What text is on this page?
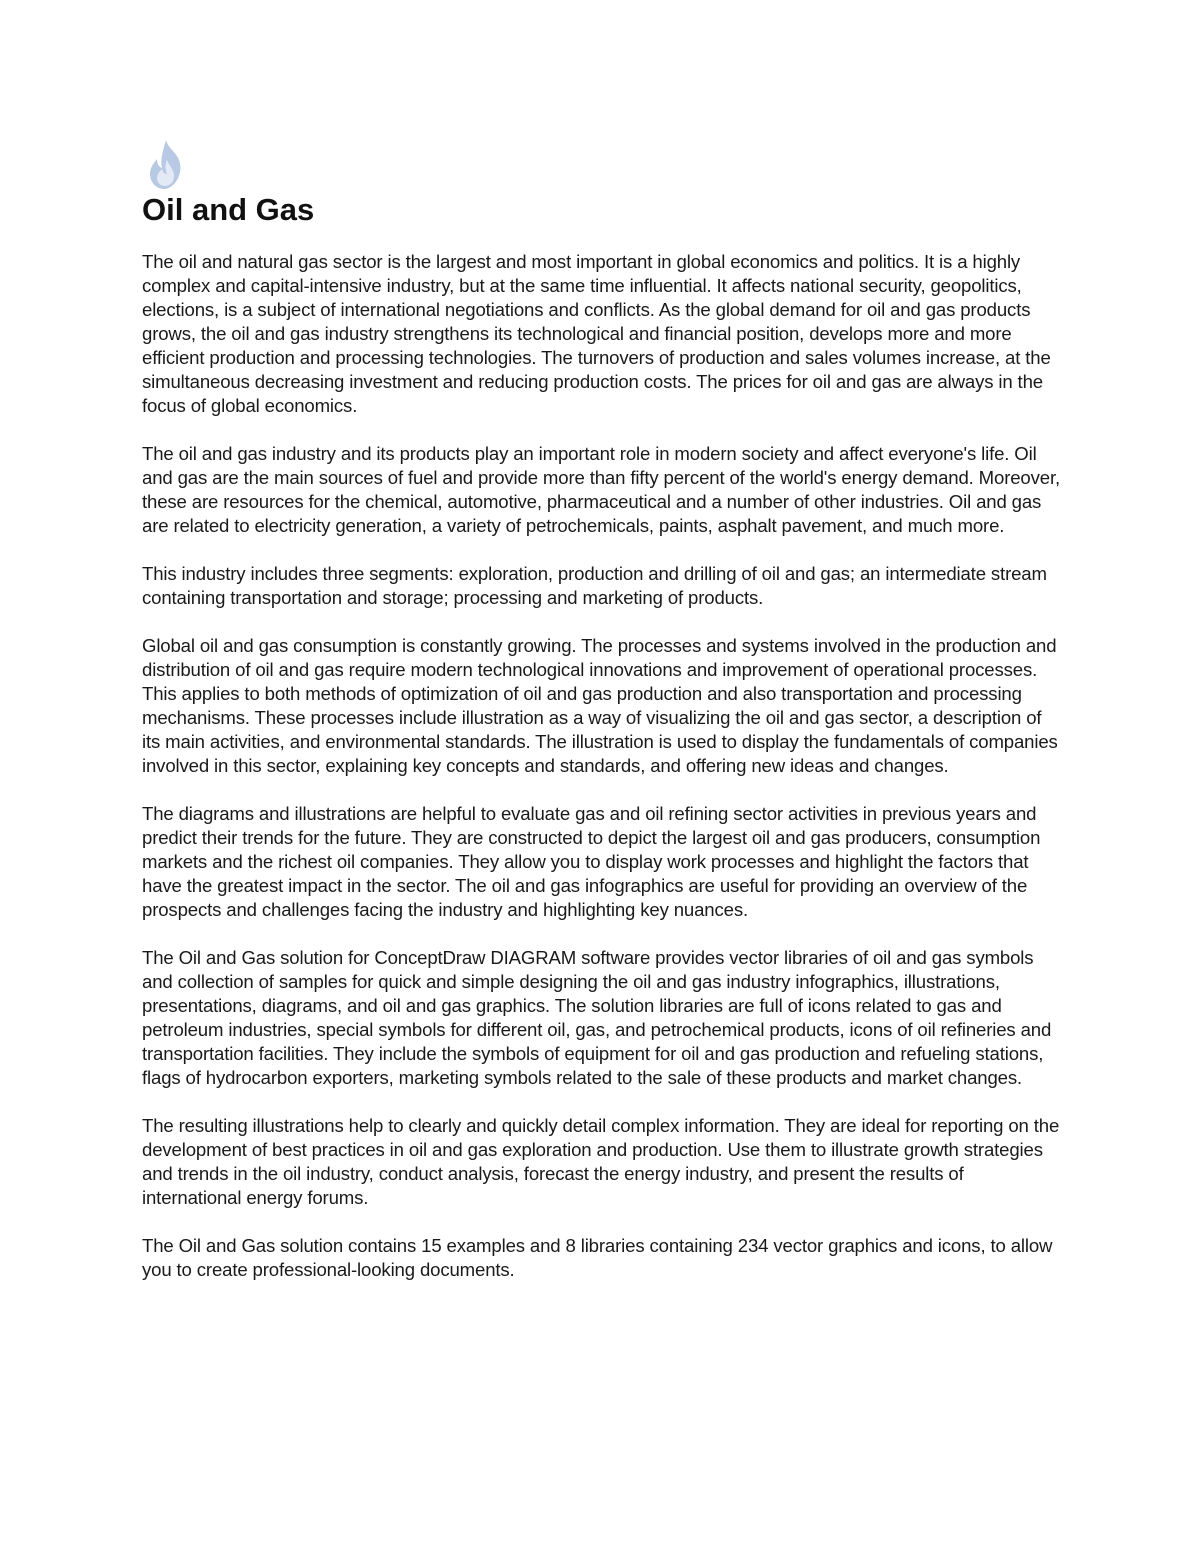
Oil and Gas

The oil and natural gas sector is the largest and most important in global economics and politics. It is a highly complex and capital-intensive industry, but at the same time influential. It affects national security, geopolitics, elections, is a subject of international negotiations and conflicts. As the global demand for oil and gas products grows, the oil and gas industry strengthens its technological and financial position, develops more and more efficient production and processing technologies. The turnovers of production and sales volumes increase, at the simultaneous decreasing investment and reducing production costs. The prices for oil and gas are always in the focus of global economics.

The oil and gas industry and its products play an important role in modern society and affect everyone's life. Oil and gas are the main sources of fuel and provide more than fifty percent of the world's energy demand. Moreover, these are resources for the chemical, automotive, pharmaceutical and a number of other industries. Oil and gas are related to electricity generation, a variety of petrochemicals, paints, asphalt pavement, and much more.

This industry includes three segments: exploration, production and drilling of oil and gas; an intermediate stream containing transportation and storage; processing and marketing of products.

Global oil and gas consumption is constantly growing. The processes and systems involved in the production and distribution of oil and gas require modern technological innovations and improvement of operational processes. This applies to both methods of optimization of oil and gas production and also transportation and processing mechanisms. These processes include illustration as a way of visualizing the oil and gas sector, a description of its main activities, and environmental standards. The illustration is used to display the fundamentals of companies involved in this sector, explaining key concepts and standards, and offering new ideas and changes.

The diagrams and illustrations are helpful to evaluate gas and oil refining sector activities in previous years and predict their trends for the future. They are constructed to depict the largest oil and gas producers, consumption markets and the richest oil companies. They allow you to display work processes and highlight the factors that have the greatest impact in the sector. The oil and gas infographics are useful for providing an overview of the prospects and challenges facing the industry and highlighting key nuances.

The Oil and Gas solution for ConceptDraw DIAGRAM software provides vector libraries of oil and gas symbols and collection of samples for quick and simple designing the oil and gas industry infographics, illustrations, presentations, diagrams, and oil and gas graphics. The solution libraries are full of icons related to gas and petroleum industries, special symbols for different oil, gas, and petrochemical products, icons of oil refineries and transportation facilities. They include the symbols of equipment for oil and gas production and refueling stations, flags of hydrocarbon exporters, marketing symbols related to the sale of these products and market changes.

The resulting illustrations help to clearly and quickly detail complex information. They are ideal for reporting on the development of best practices in oil and gas exploration and production. Use them to illustrate growth strategies and trends in the oil industry, conduct analysis, forecast the energy industry, and present the results of international energy forums.

The Oil and Gas solution contains 15 examples and 8 libraries containing 234 vector graphics and icons, to allow you to create professional-looking documents.
